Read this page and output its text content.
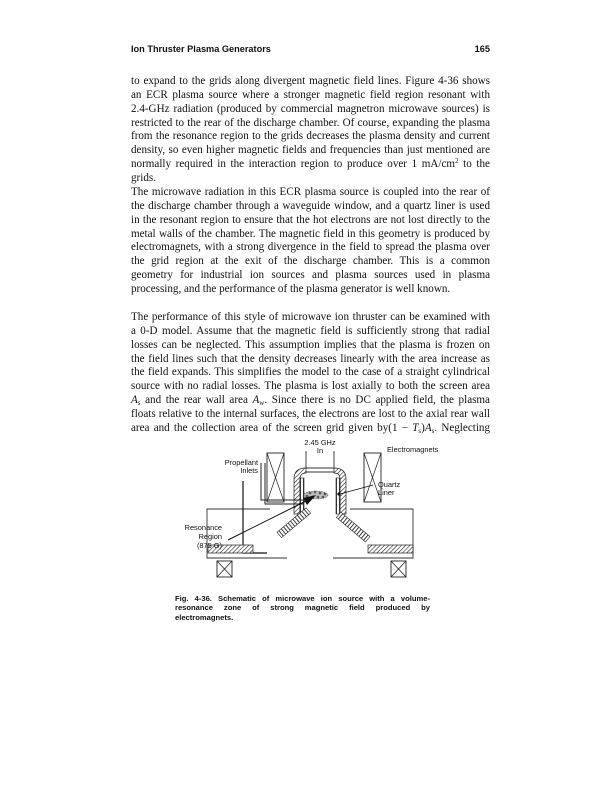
Ion Thruster Plasma Generators	165
to expand to the grids along divergent magnetic field lines. Figure 4-36 shows
an ECR plasma source where a stronger magnetic field region resonant with
2.4-GHz radiation (produced by commercial magnetron microwave sources) is
restricted to the rear of the discharge chamber. Of course, expanding the plasma
from the resonance region to the grids decreases the plasma density and current
density, so even higher magnetic fields and frequencies than just mentioned are
normally required in the interaction region to produce over 1 $mA/cm^2$ to the
grids.
The microwave radiation in this ECR plasma source is coupled into the rear of
the discharge chamber through a waveguide window, and a quartz liner is used
in the resonant region to ensure that the hot electrons are not lost directly to the
metal walls of the chamber. The magnetic field in this geometry is produced by
electromagnets, with a strong divergence in the field to spread the plasma over
the grid region at the exit of the discharge chamber. This is a common
geometry for industrial ion sources and plasma sources used in plasma
processing, and the performance of the plasma generator is well known.
The performance of this style of microwave ion thruster can be examined with
a 0-D model. Assume that the magnetic field is sufficiently strong that radial
losses can be neglected. This assumption implies that the plasma is frozen on
the field lines such that the density decreases linearly with the area increase as
the field expands. This simplifies the model to the case of a straight cylindrical
source with no radial losses. The plasma is lost axially to both the screen area
$A_s$ and the rear wall area $A_w$. Since there is no DC applied field, the plasma
floats relative to the internal surfaces, the electrons are lost to the axial rear wall
area and the collection area of the screen grid given $by(1 - T_s)A_s$. Neglecting
2.45 GHz
In	Electromagnets
Propellant
Inlets
Quartz
Liner
Resonance
Region
(875 G)
Fig. 4-36. Schematic of microwave ion source with a volume-
resonance zone of strong magnetic field produced by
electromagnets.
